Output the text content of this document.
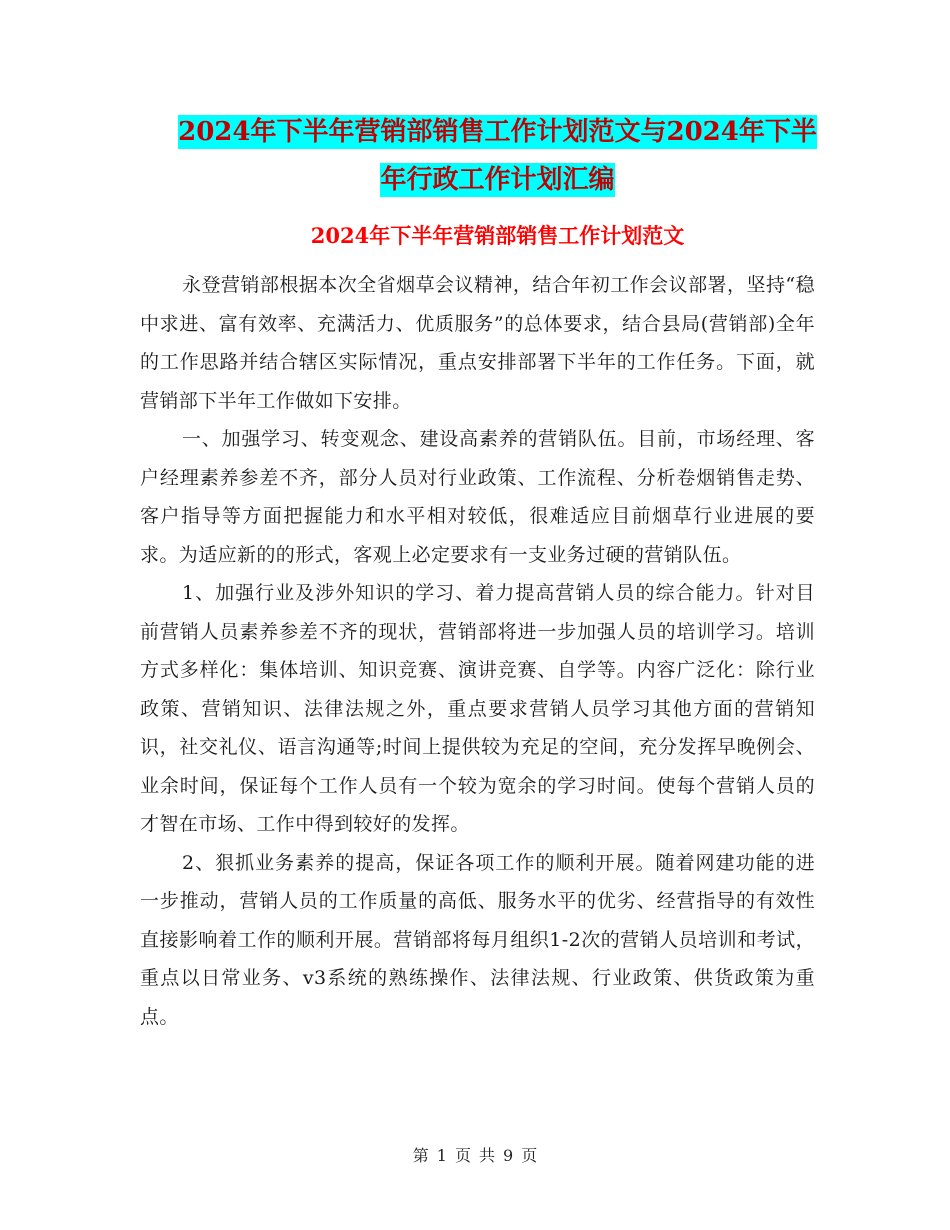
2024年下半年营销部销售工作计划范文与2024年下半
年行政工作计划汇编
2024年下半年营销部销售工作计划范文

永登营销部根据本次全省烟草会议精神，结合年初工作会议部署，坚持“稳中求进、富有效率、充满活力、优质服务”的总体要求，结合县局(营销部)全年的工作思路并结合辖区实际情况，重点安排部署下半年的工作任务。下面，就营销部下半年工作做如下安排。

一、加强学习、转变观念、建设高素养的营销队伍。目前，市场经理、客户经理素养参差不齐，部分人员对行业政策、工作流程、分析卷烟销售走势、客户指导等方面把握能力和水平相对较低，很难适应目前烟草行业进展的要求。为适应新的的形式，客观上必定要求有一支业务过硬的营销队伍。

1、加强行业及涉外知识的学习、着力提高营销人员的综合能力。针对目前营销人员素养参差不齐的现状，营销部将进一步加强人员的培训学习。培训方式多样化：集体培训、知识竞赛、演讲竞赛、自学等。内容广泛化：除行业政策、营销知识、法律法规之外，重点要求营销人员学习其他方面的营销知识，社交礼仪、语言沟通等;时间上提供较为充足的空间，充分发挥早晚例会、业余时间，保证每个工作人员有一个较为宽余的学习时间。使每个营销人员的才智在市场、工作中得到较好的发挥。

2、狠抓业务素养的提高，保证各项工作的顺利开展。随着网建功能的进一步推动，营销人员的工作质量的高低、服务水平的优劣、经营指导的有效性直接影响着工作的顺利开展。营销部将每月组织1-2次的营销人员培训和考试，重点以日常业务、v3系统的熟练操作、法律法规、行业政策、供货政策为重点。

第 1 页 共 9 页
